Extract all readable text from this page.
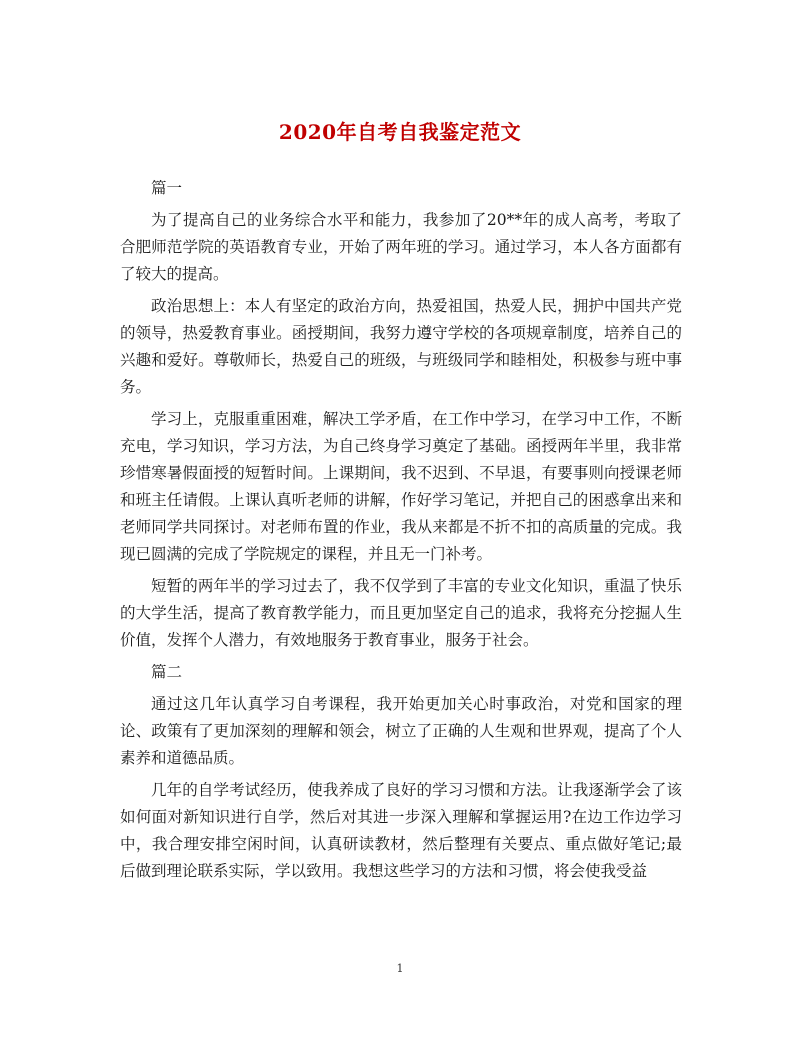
2020年自考自我鉴定范文

篇一

为了提高自己的业务综合水平和能力，我参加了20**年的成人高考，考取了合肥师范学院的英语教育专业，开始了两年班的学习。通过学习，本人各方面都有了较大的提高。

政治思想上：本人有坚定的政治方向，热爱祖国，热爱人民，拥护中国共产党的领导，热爱教育事业。函授期间，我努力遵守学校的各项规章制度，培养自己的兴趣和爱好。尊敬师长，热爱自己的班级，与班级同学和睦相处，积极参与班中事务。

学习上，克服重重困难，解决工学矛盾，在工作中学习，在学习中工作，不断充电，学习知识，学习方法，为自己终身学习奠定了基础。函授两年半里，我非常珍惜寒暑假面授的短暂时间。上课期间，我不迟到、不早退，有要事则向授课老师和班主任请假。上课认真听老师的讲解，作好学习笔记，并把自己的困惑拿出来和老师同学共同探讨。对老师布置的作业，我从来都是不折不扣的高质量的完成。我现已圆满的完成了学院规定的课程，并且无一门补考。

短暂的两年半的学习过去了，我不仅学到了丰富的专业文化知识，重温了快乐的大学生活，提高了教育教学能力，而且更加坚定自己的追求，我将充分挖掘人生价值，发挥个人潜力，有效地服务于教育事业，服务于社会。

篇二

通过这几年认真学习自考课程，我开始更加关心时事政治，对党和国家的理论、政策有了更加深刻的理解和领会，树立了正确的人生观和世界观，提高了个人素养和道德品质。

几年的自学考试经历，使我养成了良好的学习习惯和方法。让我逐渐学会了该如何面对新知识进行自学，然后对其进一步深入理解和掌握运用?在边工作边学习中，我合理安排空闲时间，认真研读教材，然后整理有关要点、重点做好笔记;最后做到理论联系实际，学以致用。我想这些学习的方法和习惯，将会使我受益

1
